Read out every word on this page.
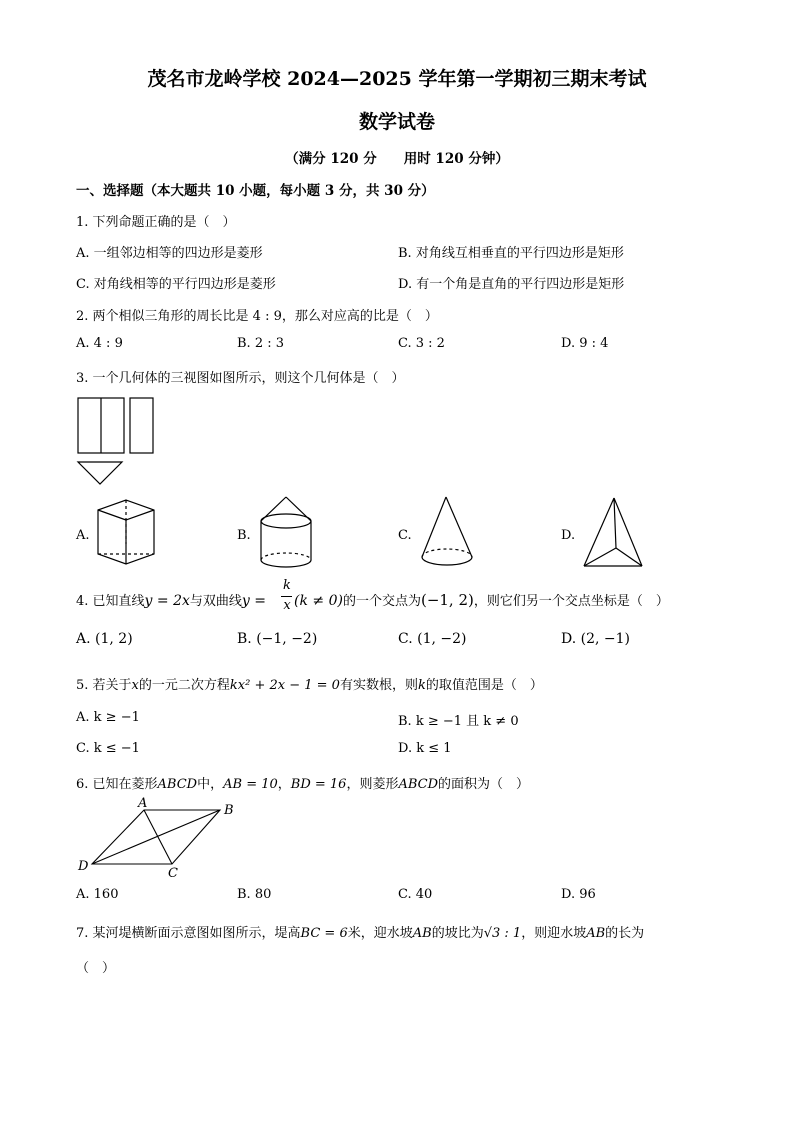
茂名市龙岭学校 2024—2025 学年第一学期初三期末考试
数学试卷
（满分 120 分　　用时 120 分钟）
一、选择题（本大题共 10 小题，每小题 3 分，共 30 分）
1. 下列命题正确的是（　）
A. 一组邻边相等的四边形是菱形	B. 对角线互相垂直的平行四边形是矩形
C. 对角线相等的平行四边形是菱形	D. 有一个角是直角的平行四边形是矩形
2. 两个相似三角形的周长比是 4 : 9，那么对应高的比是（　）
A. 4 : 9	B. 2 : 3	C. 3 : 2	D. 9 : 4
3. 一个几何体的三视图如图所示，则这个几何体是（　）
A.	B.	C.	D.
4. 已知直线y = 2x与双曲线y =
k
x (k ≠ 0)的一个交点为(−1, 2)，则它们另一个交点坐标是（　）
A. (1, 2)	B. (−1, −2)	C. (1, −2)	D. (2, −1)
5. 若关于x的一元二次方程kx² + 2x − 1 = 0有实数根，则k的取值范围是（　）
A. k ≥ −1	B. k ≥ −1 且 k ≠ 0
C. k ≤ −1	D. k ≤ 1
6. 已知在菱形ABCD中，AB = 10，BD = 16，则菱形ABCD的面积为（　）
A	B
C
D
A. 160	B. 80	C. 40	D. 96
7. 某河堤横断面示意图如图所示，堤高BC = 6米，迎水坡AB的坡比为√3 : 1，则迎水坡AB的长为
（　）
